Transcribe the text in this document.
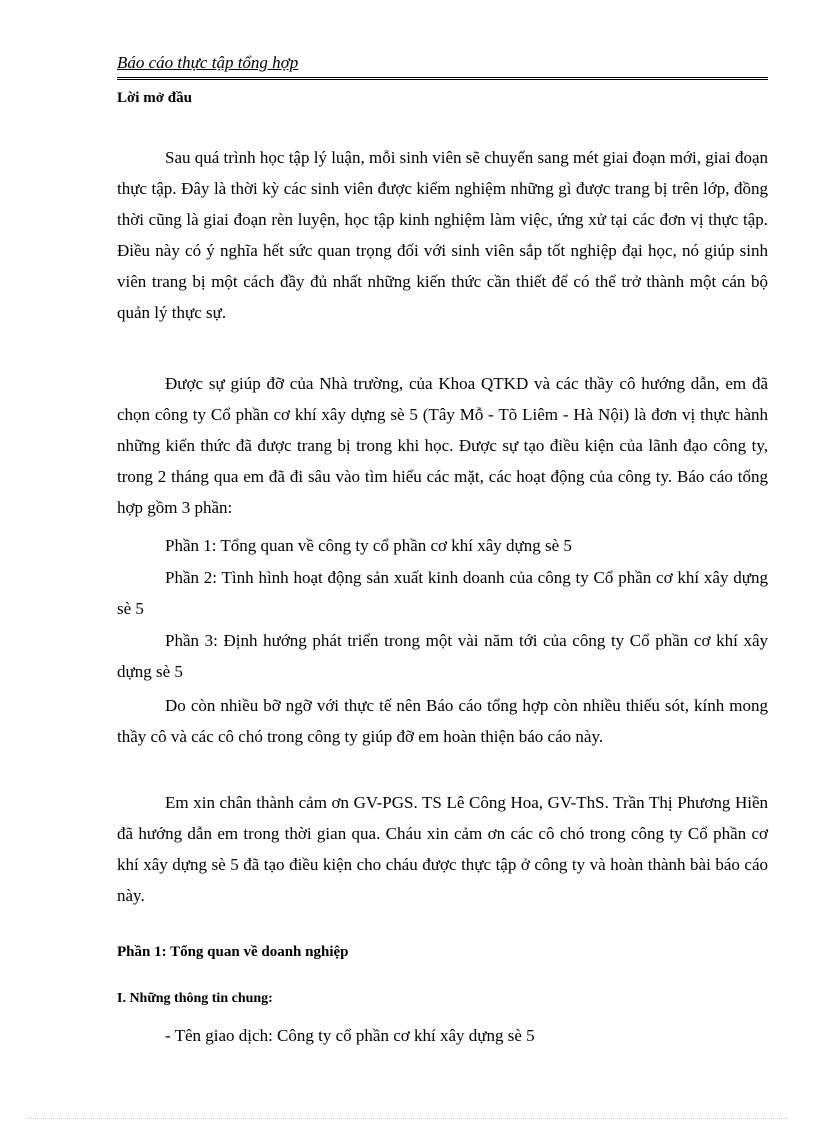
Báo cáo thực tập tổng hợp
Lời mở đầu

Sau quá trình học tập lý luận, mỗi sinh viên sẽ chuyển sang mét giai đoạn mới, giai đoạn thực tập. Đây là thời kỳ các sinh viên được kiểm nghiệm những gì được trang bị trên lớp, đồng thời cũng là giai đoạn rèn luyện, học tập kinh nghiệm làm việc, ứng xử tại các đơn vị thực tập. Điều này có ý nghĩa hết sức quan trọng đối với sinh viên sắp tốt nghiệp đại học, nó giúp sinh viên trang bị một cách đầy đủ nhất những kiến thức cần thiết để có thể trở thành một cán bộ quản lý thực sự.

Được sự giúp đỡ của Nhà trường, của Khoa QTKD và các thầy cô hướng dẫn, em đã chọn công ty Cổ phần cơ khí xây dựng sè 5 (Tây Mỗ - Tõ Liêm - Hà Nội) là đơn vị thực hành những kiến thức đã được trang bị trong khi học. Được sự tạo điều kiện của lãnh đạo công ty, trong 2 tháng qua em đã đi sâu vào tìm hiểu các mặt, các hoạt động của công ty. Báo cáo tổng hợp gồm 3 phần:

Phần 1: Tổng quan về công ty cổ phần cơ khí xây dựng sè 5

Phần 2: Tình hình hoạt động sản xuất kinh doanh của công ty Cổ phần cơ khí xây dựng sè 5

Phần 3: Định hướng phát triển trong một vài năm tới của công ty Cổ phần cơ khí xây dựng sè 5

Do còn nhiều bỡ ngỡ với thực tế nên Báo cáo tổng hợp còn nhiều thiếu sót, kính mong thầy cô và các cô chó trong công ty giúp đỡ em hoàn thiện báo cáo này.

Em xin chân thành cảm ơn GV-PGS. TS Lê Công Hoa, GV-ThS. Trần Thị Phương Hiền đã hướng dẫn em trong thời gian qua. Cháu xin cảm ơn các cô chó trong công ty Cổ phần cơ khí xây dựng sè 5 đã tạo điều kiện cho cháu được thực tập ở công ty và hoàn thành bài báo cáo này.

Phần 1: Tổng quan về doanh nghiệp
I. Những thông tin chung:
- Tên giao dịch: Công ty cổ phần cơ khí xây dựng sè 5
